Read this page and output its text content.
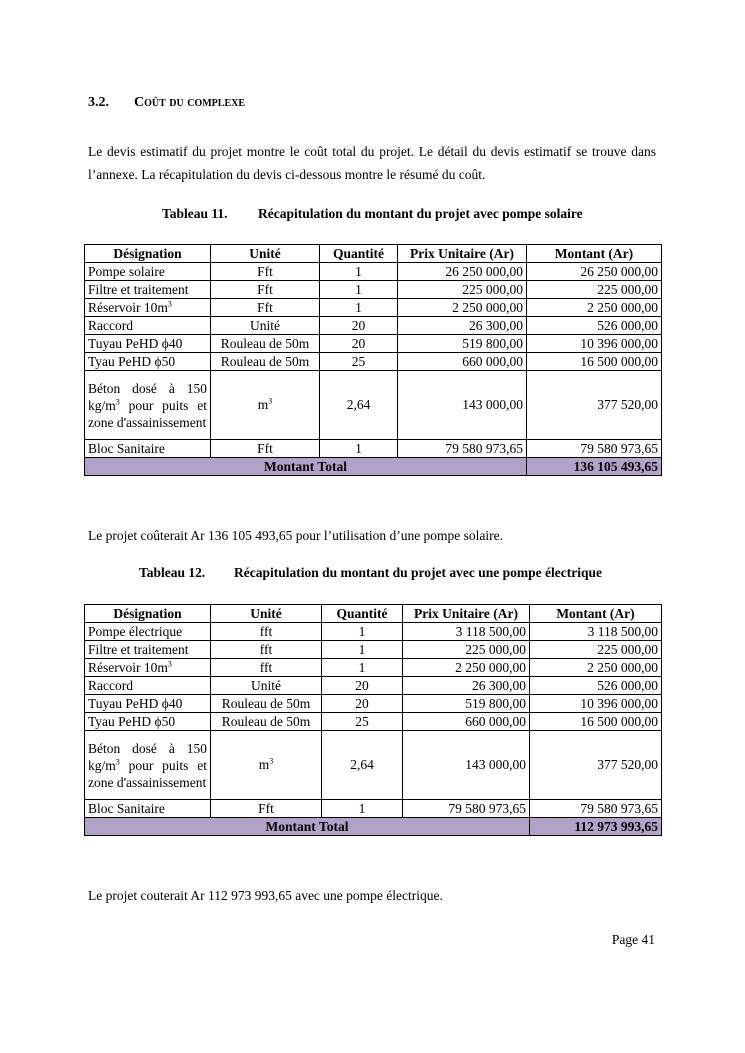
3.2. Coût du complexe
Le devis estimatif du projet montre le coût total du projet. Le détail du devis estimatif se trouve dans l’annexe. La récapitulation du devis ci-dessous montre le résumé du coût.
Tableau 11. Récapitulation du montant du projet avec pompe solaire
Désignation	Unité	Quantité	Prix Unitaire (Ar)	Montant (Ar)
Pompe solaire	Fft	1	26 250 000,00	26 250 000,00
Filtre et traitement	Fft	1	225 000,00	225 000,00
Réservoir $10m^3$	Fft	1	2 250 000,00	2 250 000,00
Raccord	Unité	20	26 300,00	526 000,00
Tuyau PeHD ϕ40	Rouleau de 50m	20	519 800,00	10 396 000,00
Tyau PeHD ϕ50	Rouleau de 50m	25	660 000,00	16 500 000,00
Béton dosé à 150 $kg/m^3$ pour puits et zone d'assainissement	$m^3$	2,64	143 000,00	377 520,00
Bloc Sanitaire	Fft	1	79 580 973,65	79 580 973,65
Montant Total				136 105 493,65
Le projet coûterait Ar 136 105 493,65 pour l’utilisation d’une pompe solaire.
Tableau 12. Récapitulation du montant du projet avec une pompe électrique
Désignation	Unité	Quantité	Prix Unitaire (Ar)	Montant (Ar)
Pompe électrique	fft	1	3 118 500,00	3 118 500,00
Filtre et traitement	fft	1	225 000,00	225 000,00
Réservoir $10m^3$	fft	1	2 250 000,00	2 250 000,00
Raccord	Unité	20	26 300,00	526 000,00
Tuyau PeHD ϕ40	Rouleau de 50m	20	519 800,00	10 396 000,00
Tyau PeHD ϕ50	Rouleau de 50m	25	660 000,00	16 500 000,00
Béton dosé à 150 $kg/m^3$ pour puits et zone d'assainissement	$m^3$	2,64	143 000,00	377 520,00
Bloc Sanitaire	Fft	1	79 580 973,65	79 580 973,65
Montant Total				112 973 993,65
Le projet couterait Ar 112 973 993,65 avec une pompe électrique.
Page 41
